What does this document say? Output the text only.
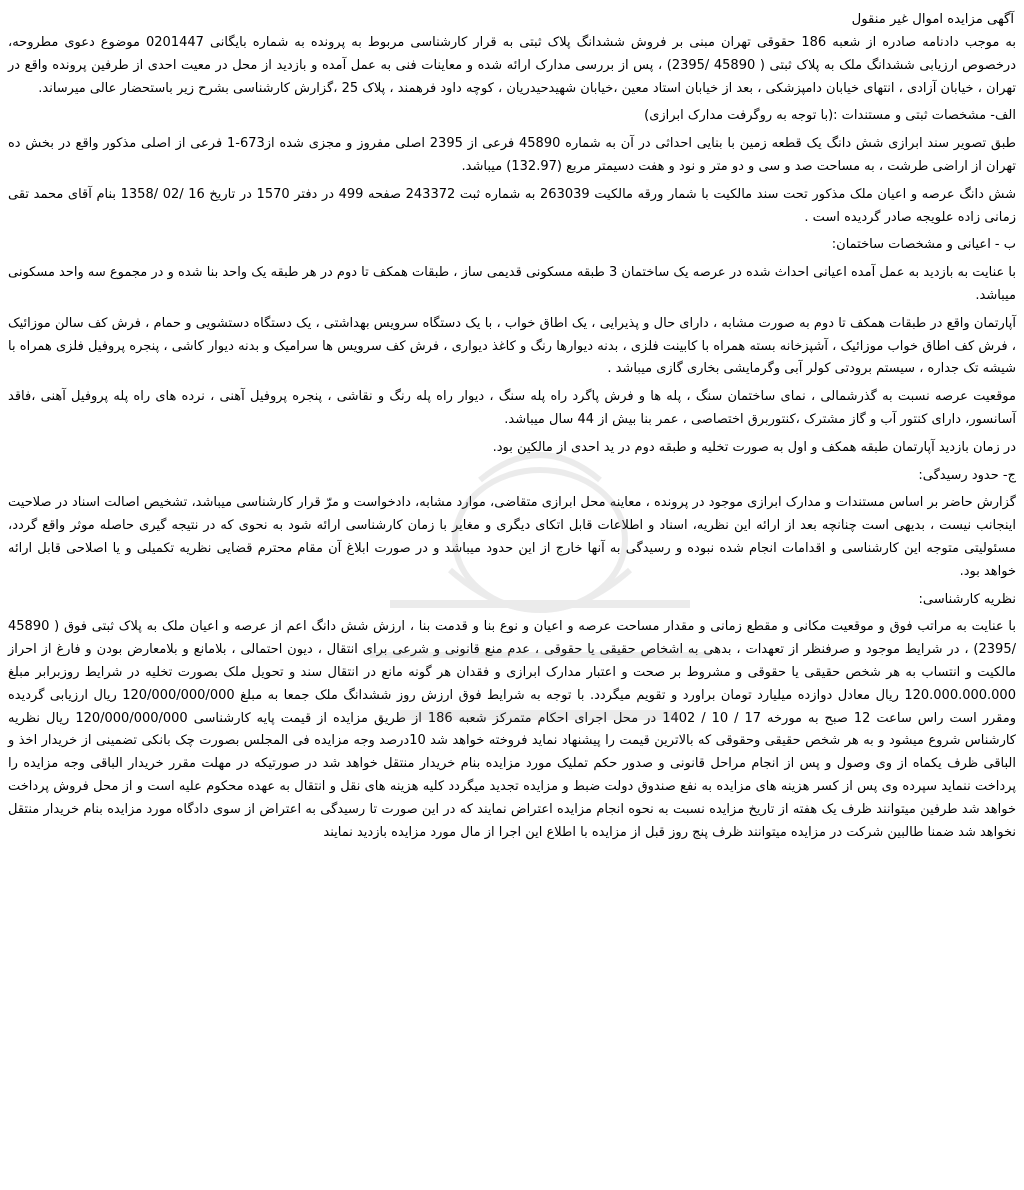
آگهی مزایده اموال غیر منقول
به موجب دادنامه صادره از شعبه 186 حقوقی تهران مبنی بر فروش ششدانگ پلاک ثبتی به قرار کارشناسی مربوط به پرونده به شماره بایگانی 0201447 موضوع دعوی مطروحه، درخصوص ارزیابی ششدانگ ملک به پلاک ثبتی ( 45890 /2395) ، پس از بررسی مدارک ارائه شده و معاینات فنی به عمل آمده و بازدید از محل در معیت احدی از طرفین پرونده واقع در تهران ، خیابان آزادی ، انتهای خیابان دامپزشکی ، بعد از خیابان استاد معین ،خیابان شهیدحیدریان ، کوچه داود فرهمند ، پلاک 25 ،گزارش کارشناسی بشرح زیر باستحضار عالی میرساند.
الف- مشخصات ثبتی و مستندات :(با توجه به روگرفت مدارک ابرازی)
طبق تصویر سند ابرازی شش دانگ یک قطعه زمین با بنایی احداثی در آن به شماره 45890 فرعی از 2395 اصلی مفروز و مجزی شده از673-1 فرعی از اصلی مذکور واقع در بخش ده تهران از اراضی طرشت ، به مساحت صد و سی و دو متر و نود و هفت دسیمتر مربع (132.97) میباشد.
شش دانگ عرصه و اعیان ملک مذکور تحت سند مالکیت با شمار ورقه مالکیت 263039 به شماره ثبت 243372 صفحه 499 در دفتر 1570 در تاریخ 16 /02 /1358 بنام آقای محمد تقی زمانی زاده علویجه صادر گردیده است .
ب - اعیانی و مشخصات ساختمان:
با عنایت به بازدید به عمل آمده اعیانی احداث شده در عرصه یک ساختمان 3 طبقه مسکونی قدیمی ساز ، طبقات همکف تا دوم در هر طبقه یک واحد بنا شده و در مجموع سه واحد مسکونی میباشد.
آپارتمان واقع در طبقات همکف تا دوم به صورت مشابه ، دارای حال و پذیرایی ، یک اطاق خواب ، با یک دستگاه سرویس بهداشتی ، یک دستگاه دستشویی و حمام ، فرش کف سالن موزائیک ، فرش کف اطاق خواب موزائیک ، آشپزخانه بسته همراه با کابینت فلزی ، بدنه دیوارها رنگ و کاغذ دیواری ، فرش کف سرویس ها سرامیک و بدنه دیوار کاشی ، پنجره پروفیل فلزی همراه با شیشه تک جداره ، سیستم برودتی کولر آبی وگرمایشی بخاری گازی میباشد .
موقعیت عرصه نسبت به گذرشمالی ، نمای ساختمان سنگ ، پله ها و فرش پاگرد راه پله سنگ ، دیوار راه پله رنگ و نقاشی ، پنجره پروفیل آهنی ، نرده های راه پله پروفیل آهنی ،فاقد آسانسور، دارای کنتور آب و گاز مشترک ،کنتوربرق اختصاصی ، عمر بنا بیش از 44 سال میباشد.
در زمان بازدید آپارتمان طبقه همکف و اول به صورت تخلیه و طبقه دوم در ید احدی از مالکین بود.
ج- حدود رسیدگی:
گزارش حاضر بر اساس مستندات و مدارک ابرازی موجود در پرونده ، معاینه محل ابرازی متقاضی، موارد مشابه، دادخواست و مرّ قرار کارشناسی میباشد، تشخیص اصالت اسناد در صلاحیت اینجانب نیست ، بدیهی است چنانچه بعد از ارائه این نظریه، اسناد و اطلاعات قابل اتکای دیگری و مغایر با زمان کارشناسی ارائه شود به نحوی که در نتیجه گیری حاصله موثر واقع گردد، مسئولیتی متوجه این کارشناسی و اقدامات انجام شده نبوده و رسیدگی به آنها خارج از این حدود میباشد و در صورت ابلاغ آن مقام محترم قضایی نظریه تکمیلی و یا اصلاحی قابل ارائه خواهد بود.
نظریه کارشناسی:
با عنایت به مراتب فوق و موقعیت مکانی و مقطع زمانی و مقدار مساحت عرصه و اعیان و نوع بنا و قدمت بنا ، ارزش شش دانگ اعم از عرصه و اعیان ملک به پلاک ثبتی فوق ( 45890 /2395) ، در شرایط موجود و صرفنظر از تعهدات ، بدهی به اشخاص حقیقی یا حقوقی ، عدم منع قانونی و شرعی برای انتقال ، دیون احتمالی ، بلامانع و بلامعارض بودن و فارغ از احراز مالکیت و انتساب به هر شخص حقیقی یا حقوقی و مشروط بر صحت و اعتبار مدارک ابرازی و فقدان هر گونه مانع در انتقال سند و تحویل ملک بصورت تخلیه در شرایط روزبرابر مبلغ 120.000.000.000 ریال معادل دوازده میلیارد تومان براورد و تقویم میگردد. با توجه به شرایط فوق ارزش روز ششدانگ ملک جمعا به مبلغ 120/000/000/000 ریال ارزیابی گردیده ومقرر است راس ساعت 12 صبح به مورخه 17 / 10 / 1402 در محل اجرای احکام متمرکز شعبه 186 از طریق مزایده از قیمت پایه کارشناسی 120/000/000/000 ریال نظریه کارشناس شروع میشود و به هر شخص حقیقی وحقوقی که بالاترین قیمت را پیشنهاد نماید فروخته خواهد شد 10درصد وجه مزایده فی المجلس بصورت چک بانکی تضمینی از خریدار اخذ و الباقی ظرف یکماه از وی وصول و پس از انجام مراحل قانونی و صدور حکم تملیک مورد مزایده بنام خریدار منتقل خواهد شد در صورتیکه در مهلت مقرر خریدار الباقی وجه مزایده را پرداخت ننماید سپرده وی پس از کسر هزینه های مزایده به نفع صندوق دولت ضبط و مزایده تجدید میگردد کلیه هزینه های نقل و انتقال به عهده محکوم علیه است و از محل فروش پرداخت خواهد شد طرفین میتوانند ظرف یک هفته از تاریخ مزایده نسبت به نحوه انجام مزایده اعتراض نمایند که در این صورت تا رسیدگی به اعتراض از سوی دادگاه مورد مزایده بنام خریدار منتقل نخواهد شد ضمنا طالبین شرکت در مزایده میتوانند ظرف پنج روز قبل از مزایده با اطلاع این اجرا از مال مورد مزایده بازدید نمایند
